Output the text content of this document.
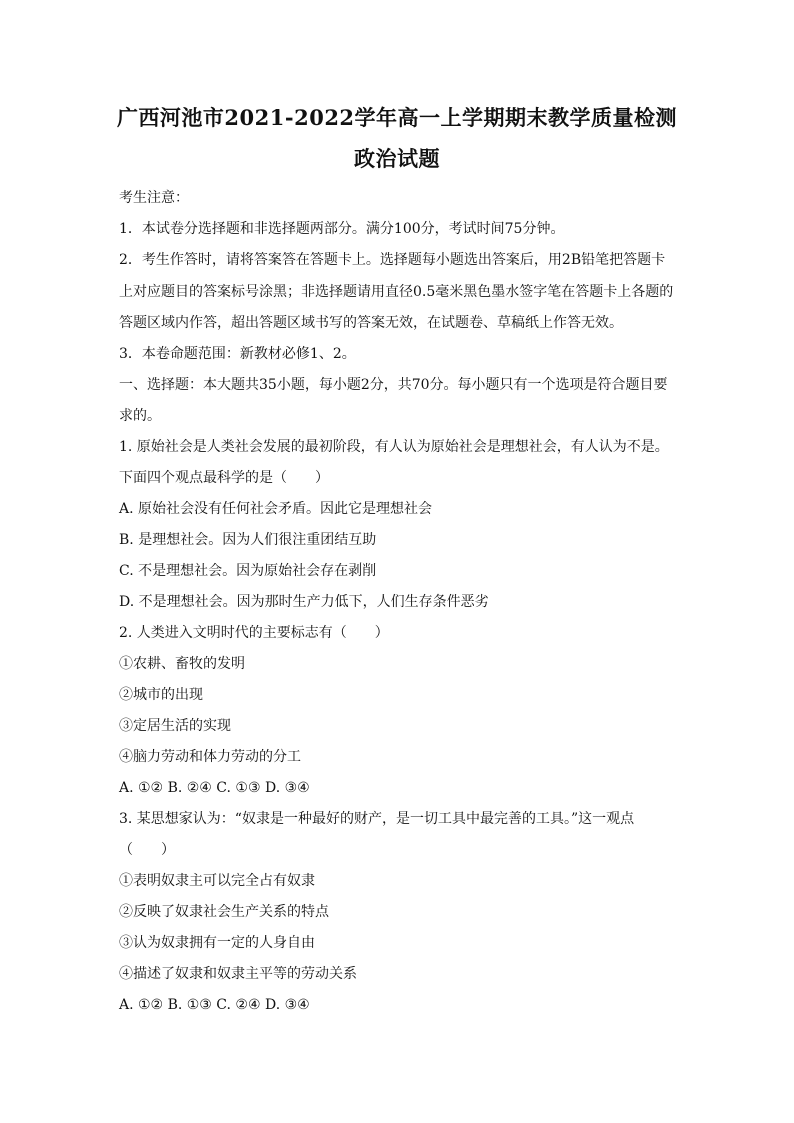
广西河池市2021-2022学年高一上学期期末教学质量检测
政治试题
考生注意：
1．本试卷分选择题和非选择题两部分。满分100分，考试时间75分钟。
2．考生作答时，请将答案答在答题卡上。选择题每小题选出答案后，用2B铅笔把答题卡
上对应题目的答案标号涂黑；非选择题请用直径0.5毫米黑色墨水签字笔在答题卡上各题的
答题区域内作答，超出答题区域书写的答案无效，在试题卷、草稿纸上作答无效。
3．本卷命题范围：新教材必修1、2。
一、选择题：本大题共35小题，每小题2分，共70分。每小题只有一个选项是符合题目要
求的。
1. 原始社会是人类社会发展的最初阶段，有人认为原始社会是理想社会，有人认为不是。
下面四个观点最科学的是（　　）
A. 原始社会没有任何社会矛盾。因此它是理想社会
B. 是理想社会。因为人们很注重团结互助
C. 不是理想社会。因为原始社会存在剥削
D. 不是理想社会。因为那时生产力低下，人们生存条件恶劣
2. 人类进入文明时代的主要标志有（　　）
①农耕、畜牧的发明
②城市的出现
③定居生活的实现
④脑力劳动和体力劳动的分工
A. ①② B. ②④ C. ①③ D. ③④
3. 某思想家认为：“奴隶是一种最好的财产，是一切工具中最完善的工具。”这一观点
（　　）
①表明奴隶主可以完全占有奴隶
②反映了奴隶社会生产关系的特点
③认为奴隶拥有一定的人身自由
④描述了奴隶和奴隶主平等的劳动关系
A. ①② B. ①③ C. ②④ D. ③④
